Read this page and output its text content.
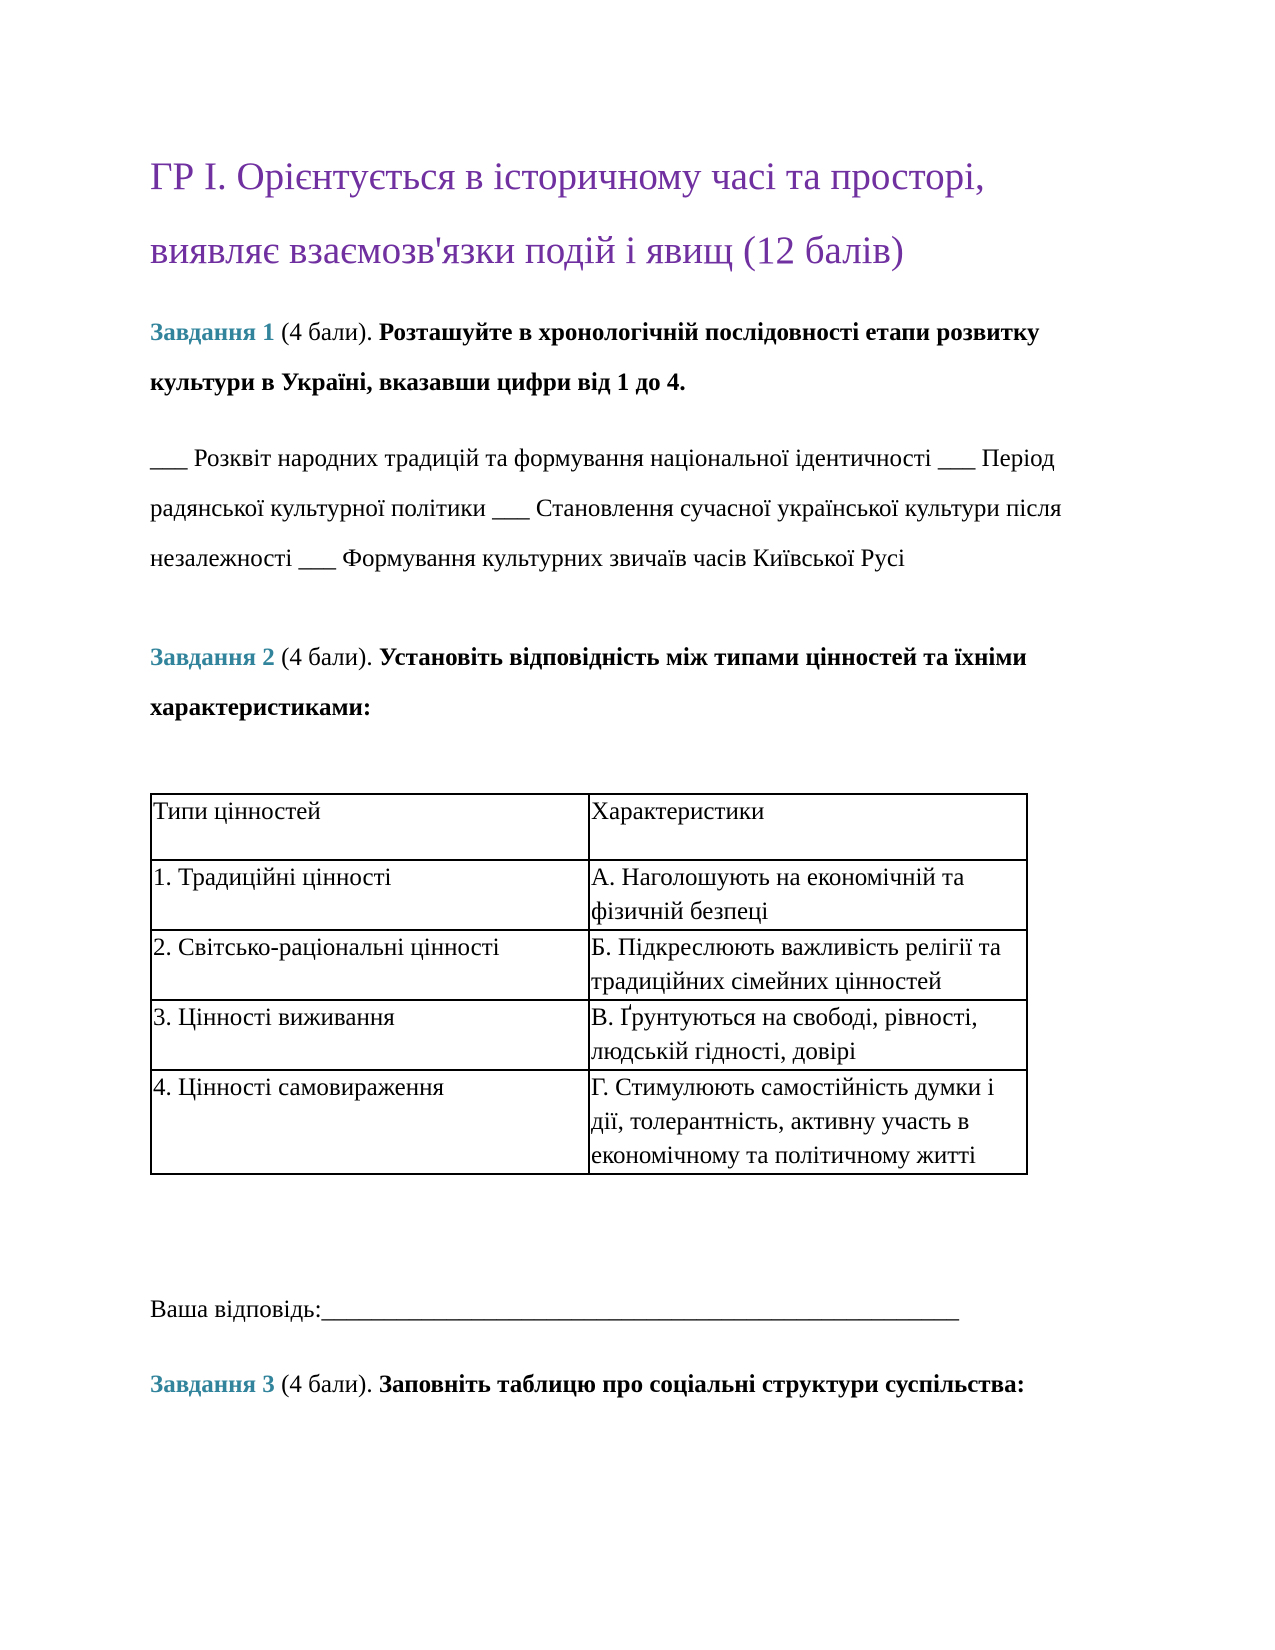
ГР І. Орієнтується в історичному часі та просторі,
виявляє взаємозв'язки подій і явищ (12 балів)

Завдання 1 (4 бали). Розташуйте в хронологічній послідовності етапи розвитку культури в Україні, вказавши цифри від 1 до 4.

___ Розквіт народних традицій та формування національної ідентичності ___ Період радянської культурної політики ___ Становлення сучасної української культури після незалежності ___ Формування культурних звичаїв часів Київської Русі

Завдання 2 (4 бали). Установіть відповідність між типами цінностей та їхніми характеристиками:

Типи цінностей	Характеристики
1. Традиційні цінності	А. Наголошують на економічній та фізичній безпеці
2. Світсько-раціональні цінності	Б. Підкреслюють важливість релігії та традиційних сімейних цінностей
3. Цінності виживання	В. Ґрунтуються на свободі, рівності, людській гідності, довірі
4. Цінності самовираження	Г. Стимулюють самостійність думки і дії, толерантність, активну участь в економічному та політичному житті

Ваша відповідь:___________________________________________________

Завдання 3 (4 бали). Заповніть таблицю про соціальні структури суспільства:
